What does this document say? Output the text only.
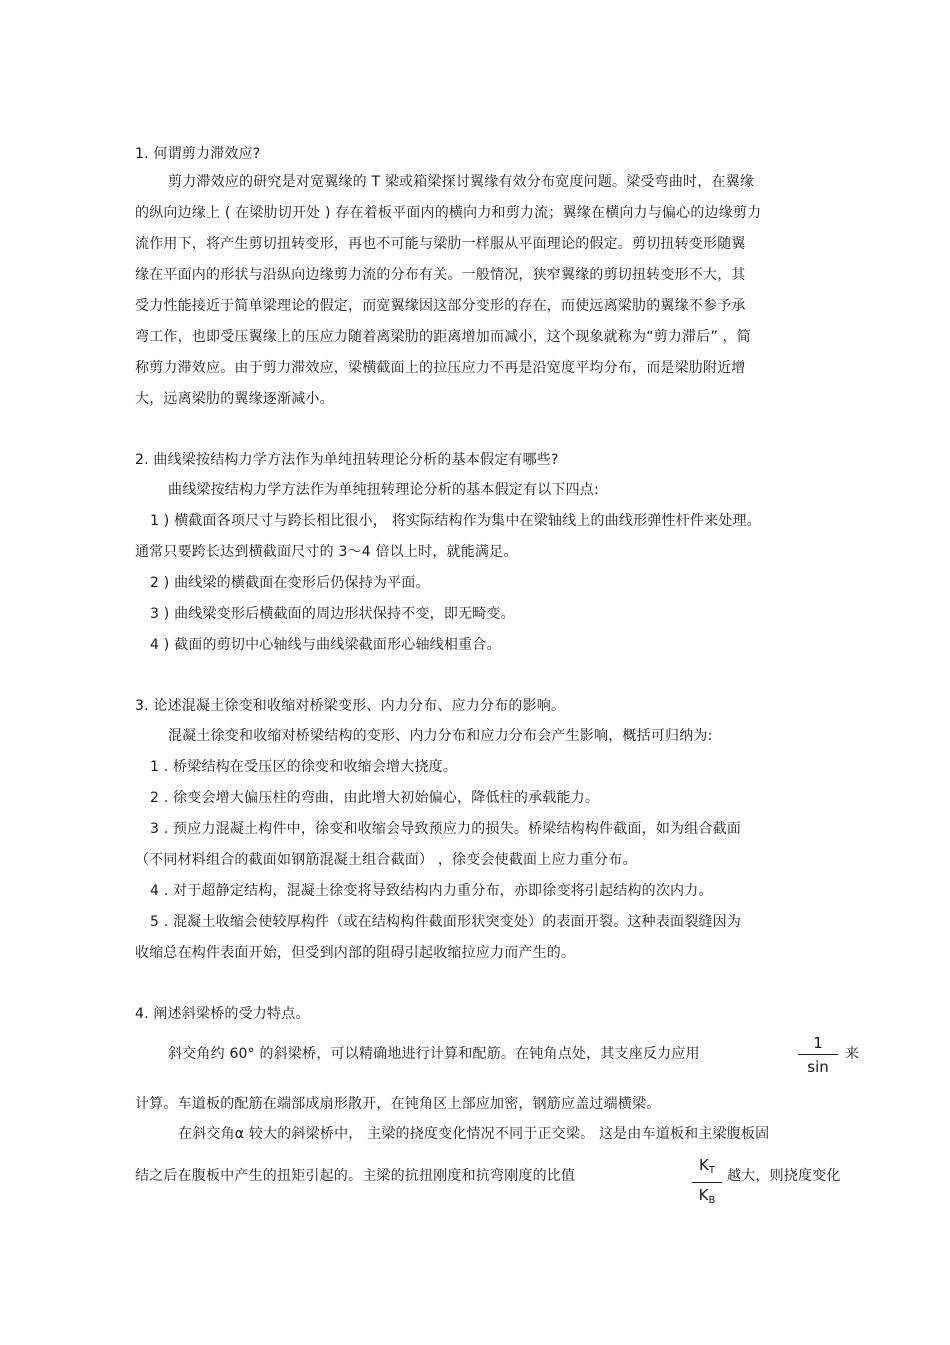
1. 何谓剪力滞效应?
剪力滞效应的研究是对宽翼缘的 T 梁或箱梁探讨翼缘有效分布宽度问题。梁受弯曲时，在翼缘
的纵向边缘上 ( 在梁肋切开处 ) 存在着板平面内的横向力和剪力流；翼缘在横向力与偏心的边缘剪力
流作用下，将产生剪切扭转变形，再也不可能与梁肋一样服从平面理论的假定。剪切扭转变形随翼
缘在平面内的形状与沿纵向边缘剪力流的分布有关。一般情况，狭窄翼缘的剪切扭转变形不大，其
受力性能接近于简单梁理论的假定，而宽翼缘因这部分变形的存在，而使远离梁肋的翼缘不参予承
弯工作，也即受压翼缘上的压应力随着离梁肋的距离增加而减小，这个现象就称为“剪力滞后” ，简
称剪力滞效应。由于剪力滞效应，梁横截面上的拉压应力不再是沿宽度平均分布，而是梁肋附近增
大，远离梁肋的翼缘逐渐减小。
2. 曲线梁按结构力学方法作为单纯扭转理论分析的基本假定有哪些?
曲线梁按结构力学方法作为单纯扭转理论分析的基本假定有以下四点:
1 ) 横截面各项尺寸与跨长相比很小， 将实际结构作为集中在梁轴线上的曲线形弹性杆件来处理。
通常只要跨长达到横截面尺寸的 3～4 倍以上时，就能满足。
2 ) 曲线梁的横截面在变形后仍保持为平面。
3 ) 曲线梁变形后横截面的周边形状保持不变，即无畸变。
4 ) 截面的剪切中心轴线与曲线梁截面形心轴线相重合。
3. 论述混凝土徐变和收缩对桥梁变形、内力分布、应力分布的影响。
混凝土徐变和收缩对桥梁结构的变形、内力分布和应力分布会产生影响，概括可归纳为:
1 . 桥梁结构在受压区的徐变和收缩会增大挠度。
2 . 徐变会增大偏压柱的弯曲，由此增大初始偏心，降低柱的承载能力。
3 . 预应力混凝土构件中，徐变和收缩会导致预应力的损失。桥梁结构构件截面，如为组合截面
（不同材料组合的截面如钢筋混凝土组合截面） ，徐变会使截面上应力重分布。
4 . 对于超静定结构，混凝土徐变将导致结构内力重分布，亦即徐变将引起结构的次内力。
5 . 混凝土收缩会使较厚构件（或在结构构件截面形状突变处）的表面开裂。这种表面裂缝因为
收缩总在构件表面开始，但受到内部的阻碍引起收缩拉应力而产生的。
4. 阐述斜梁桥的受力特点。
斜交角约 60° 的斜梁桥，可以精确地进行计算和配筋。在钝角点处，其支座反力应用
1
sin
来
计算。车道板的配筋在端部成扇形散开，在钝角区上部应加密，钢筋应盖过端横梁。
在斜交角α 较大的斜梁桥中， 主梁的挠度变化情况不同于正交梁。 这是由车道板和主梁腹板固
结之后在腹板中产生的扭矩引起的。主梁的抗扭刚度和抗弯刚度的比值
$K_T$
$K_B$
越大，则挠度变化
